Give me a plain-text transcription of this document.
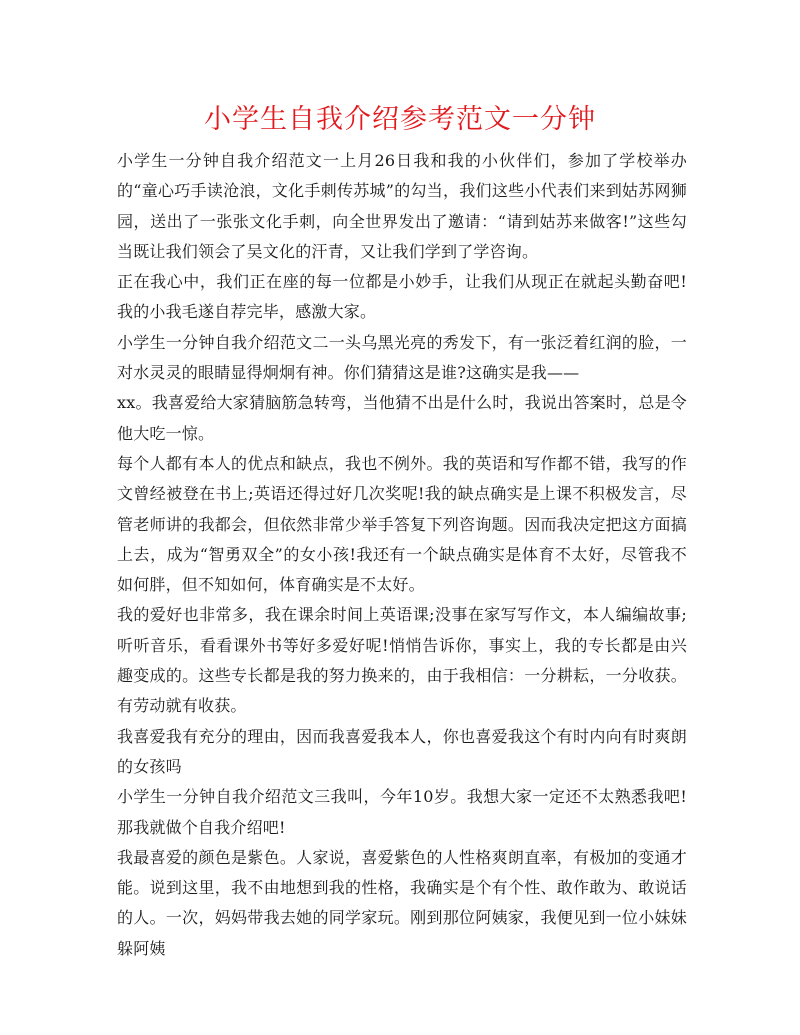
小学生自我介绍参考范文一分钟

小学生一分钟自我介绍范文一上月26日我和我的小伙伴们，参加了学校举办的“童心巧手读沧浪，文化手刺传苏城”的勾当，我们这些小代表们来到姑苏网狮园，送出了一张张文化手刺，向全世界发出了邀请：“请到姑苏来做客!”这些勾当既让我们领会了吴文化的汗青，又让我们学到了学咨询。

正在我心中，我们正在座的每一位都是小妙手，让我们从现正在就起头勤奋吧!我的小我毛遂自荐完毕，感激大家。

小学生一分钟自我介绍范文二一头乌黑光亮的秀发下，有一张泛着红润的脸，一对水灵灵的眼睛显得炯炯有神。你们猜猜这是谁?这确实是我——

xx。我喜爱给大家猜脑筋急转弯，当他猜不出是什么时，我说出答案时，总是令他大吃一惊。

每个人都有本人的优点和缺点，我也不例外。我的英语和写作都不错，我写的作文曾经被登在书上;英语还得过好几次奖呢!我的缺点确实是上课不积极发言，尽管老师讲的我都会，但依然非常少举手答复下列咨询题。因而我决定把这方面搞上去，成为“智勇双全”的女小孩!我还有一个缺点确实是体育不太好，尽管我不如何胖，但不知如何，体育确实是不太好。

我的爱好也非常多，我在课余时间上英语课;没事在家写写作文，本人编编故事;听听音乐，看看课外书等好多爱好呢!悄悄告诉你，事实上，我的专长都是由兴趣变成的。这些专长都是我的努力换来的，由于我相信：一分耕耘，一分收获。有劳动就有收获。

我喜爱我有充分的理由，因而我喜爱我本人，你也喜爱我这个有时内向有时爽朗的女孩吗

小学生一分钟自我介绍范文三我叫，今年10岁。我想大家一定还不太熟悉我吧!那我就做个自我介绍吧!

我最喜爱的颜色是紫色。人家说，喜爱紫色的人性格爽朗直率，有极加的变通才能。说到这里，我不由地想到我的性格，我确实是个有个性、敢作敢为、敢说话的人。一次，妈妈带我去她的同学家玩。刚到那位阿姨家，我便见到一位小妹妹躲阿姨
